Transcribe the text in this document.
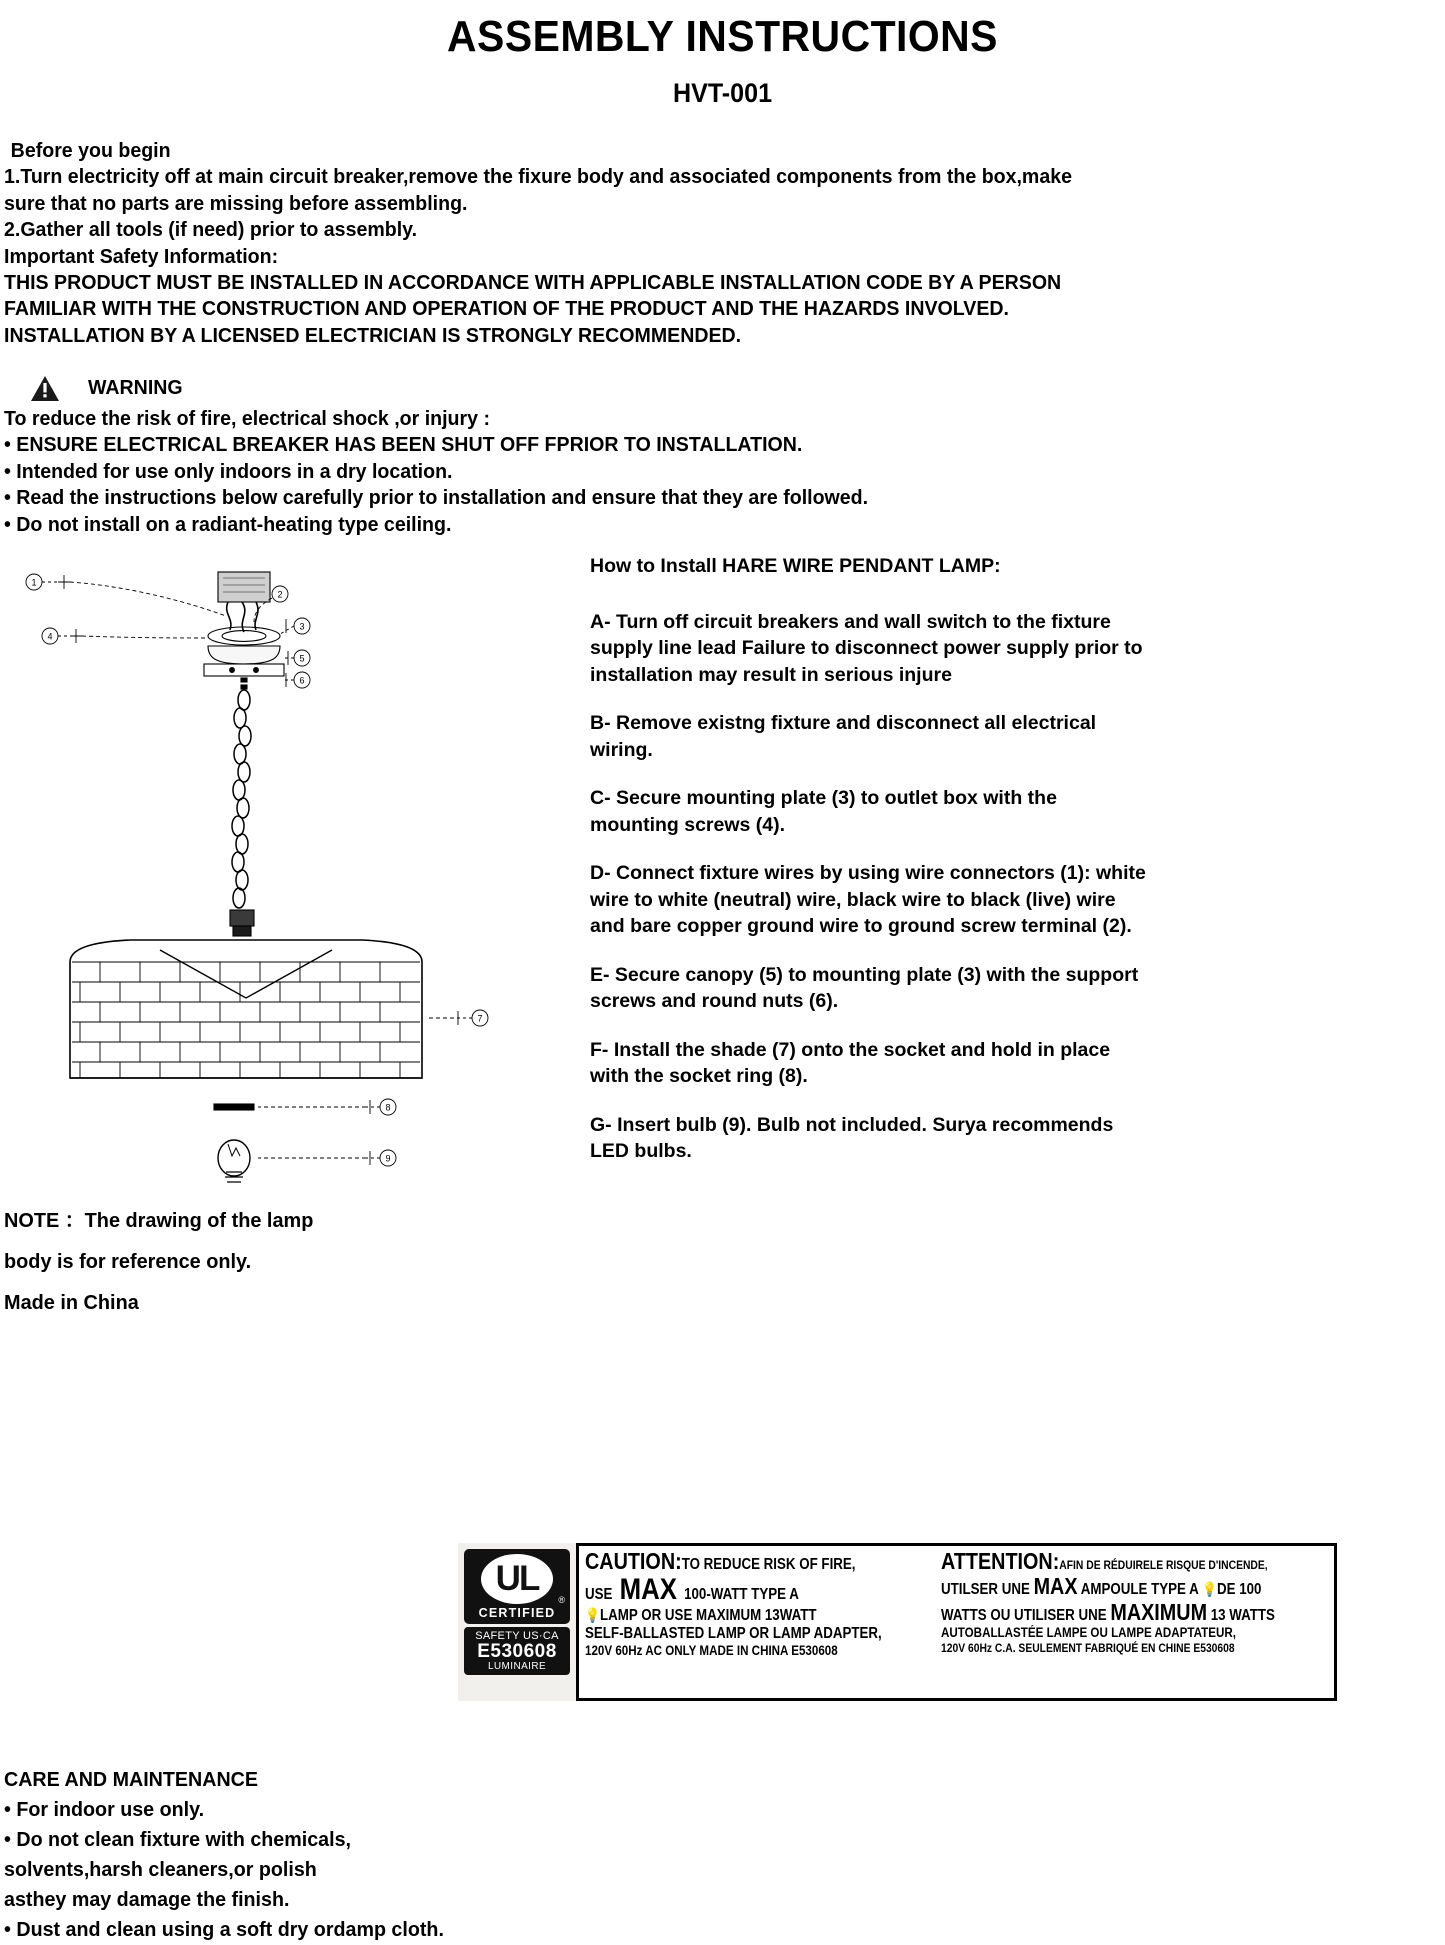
ASSEMBLY INSTRUCTIONS
HVT-001
Before you begin
1.Turn electricity off at main circuit breaker,remove the fixure body and associated components from the box,make
sure that no parts are missing before assembling.
2.Gather all tools (if need) prior to assembly.
Important Safety Information:
THIS PRODUCT MUST BE INSTALLED IN ACCORDANCE WITH APPLICABLE INSTALLATION CODE BY A PERSON
FAMILIAR WITH THE CONSTRUCTION AND OPERATION OF THE PRODUCT AND THE HAZARDS INVOLVED.
INSTALLATION BY A LICENSED ELECTRICIAN IS STRONGLY RECOMMENDED.
WARNING
To reduce the risk of fire, electrical shock ,or injury :
• ENSURE ELECTRICAL BREAKER HAS BEEN SHUT OFF FPRIOR TO INSTALLATION.
• Intended for use only indoors in a dry location.
• Read the instructions below carefully prior to installation and ensure that they are followed.
• Do not install on a radiant-heating type ceiling.
1
2
3
4
5
6
7
8
9

How to Install HARE WIRE PENDANT LAMP:

A- Turn off circuit breakers and wall switch to the fixture supply line lead Failure to disconnect power supply prior to installation may result in serious injure

B- Remove existng fixture and disconnect all electrical wiring.

C- Secure mounting plate (3) to outlet box with the mounting screws (4).

D- Connect fixture wires by using wire connectors (1): white wire to white (neutral) wire, black wire to black (live) wire and bare copper ground wire to ground screw terminal (2).

E- Secure canopy (5) to mounting plate (3) with the support screws and round nuts (6).

F- Install the shade (7) onto the socket and hold in place with the socket ring (8).

G- Insert bulb (9). Bulb not included. Surya recommends LED bulbs.

NOTE ：The drawing of the lamp
body is for reference only.
Made in China
UL
®
CERTIFIED
SAFETY US·CA
E530608
LUMINAIRE
CAUTION:TO REDUCE RISK OF FIRE,
USE MAX 100-WATT TYPE A
💡LAMP OR USE MAXIMUM 13WATT
SELF-BALLASTED LAMP OR LAMP ADAPTER,
120V 60Hz AC ONLY MADE IN CHINA E530608
ATTENTION:AFIN DE RÉDUIRELE RISQUE D'INCENDE,
UTILSER UNE MAX AMPOULE TYPE A 💡DE 100
WATTS OU UTILISER UNE MAXIMUM 13 WATTS
AUTOBALLASTÉE LAMPE OU LAMPE ADAPTATEUR,
120V 60Hz C.A. SEULEMENT FABRIQUÉ EN CHINE E530608
CARE AND MAINTENANCE
• For indoor use only.
• Do not clean fixture with chemicals,
solvents,harsh cleaners,or polish
asthey may damage the finish.
• Dust and clean using a soft dry ordamp cloth.
